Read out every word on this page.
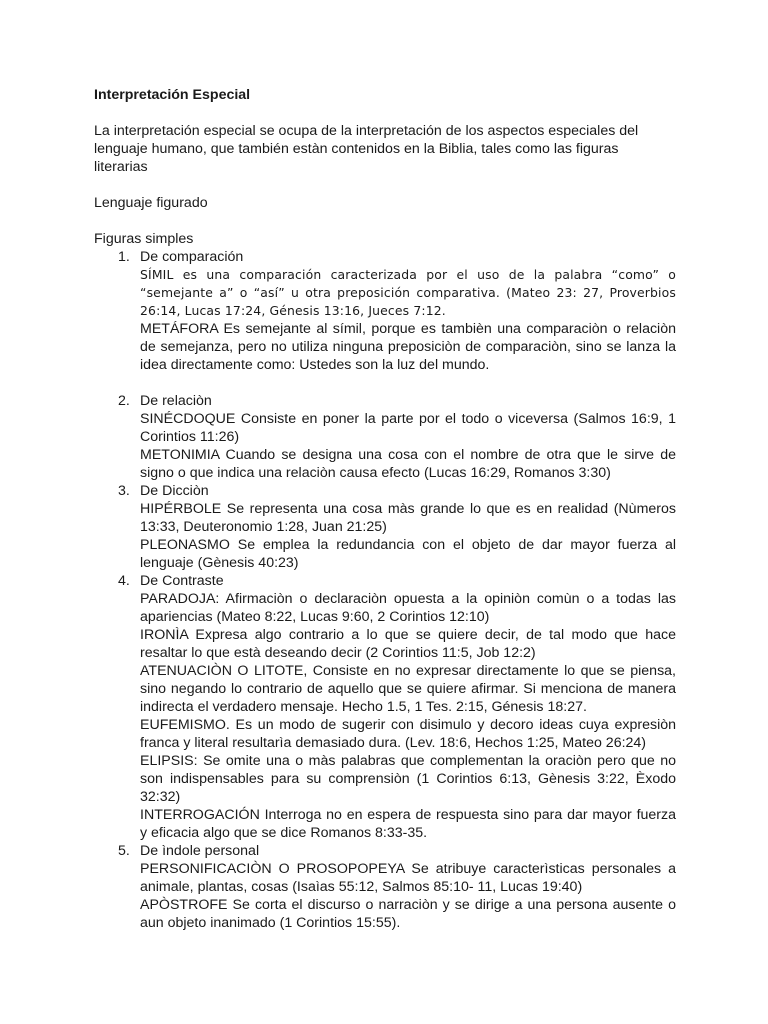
Interpretación Especial

La interpretación especial se ocupa de la interpretación de los aspectos especiales del lenguaje humano, que también estàn contenidos en la Biblia, tales como las figuras literarias

Lenguaje figurado

Figuras simples

1. De comparación
SÍMIL es una comparación caracterizada por el uso de la palabra “como” o “semejante a” o “así” u otra preposición comparativa. (Mateo 23: 27, Proverbios 26:14, Lucas 17:24, Génesis 13:16, Jueces 7:12.
METÁFORA Es semejante al símil, porque es tambièn una comparaciòn o relaciòn de semejanza, pero no utiliza ninguna preposiciòn de comparaciòn, sino se lanza la idea directamente como: Ustedes son la luz del mundo.
2. De relaciòn
SINÉCDOQUE Consiste en poner la parte por el todo o viceversa (Salmos 16:9, 1 Corintios 11:26)
METONIMIA Cuando se designa una cosa con el nombre de otra que le sirve de signo o que indica una relaciòn causa efecto (Lucas 16:29, Romanos 3:30)
3. De Dicciòn
HIPÉRBOLE Se representa una cosa màs grande lo que es en realidad (Nùmeros 13:33, Deuteronomio 1:28, Juan 21:25)
PLEONASMO Se emplea la redundancia con el objeto de dar mayor fuerza al lenguaje (Gènesis 40:23)
4. De Contraste
PARADOJA: Afirmaciòn o declaraciòn opuesta a la opiniòn comùn o a todas las apariencias (Mateo 8:22, Lucas 9:60, 2 Corintios 12:10)
IRONÌA Expresa algo contrario a lo que se quiere decir, de tal modo que hace resaltar lo que està deseando decir (2 Corintios 11:5, Job 12:2)
ATENUACIÒN O LITOTE, Consiste en no expresar directamente lo que se piensa, sino negando lo contrario de aquello que se quiere afirmar. Si menciona de manera indirecta el verdadero mensaje. Hecho 1.5, 1 Tes. 2:15, Génesis 18:27.
EUFEMISMO. Es un modo de sugerir con disimulo y decoro ideas cuya expresiòn franca y literal resultarìa demasiado dura. (Lev. 18:6, Hechos 1:25, Mateo 26:24)
ELIPSIS: Se omite una o màs palabras que complementan la oraciòn pero que no son indispensables para su comprensiòn (1 Corintios 6:13, Gènesis 3:22, Èxodo 32:32)
INTERROGACIÓN Interroga no en espera de respuesta sino para dar mayor fuerza y eficacia algo que se dice Romanos 8:33-35.
5. De ìndole personal
PERSONIFICACIÒN O PROSOPOPEYA Se atribuye caracterìsticas personales a animale, plantas, cosas (Isaìas 55:12, Salmos 85:10- 11, Lucas 19:40)
APÒSTROFE Se corta el discurso o narraciòn y se dirige a una persona ausente o aun objeto inanimado (1 Corintios 15:55).
